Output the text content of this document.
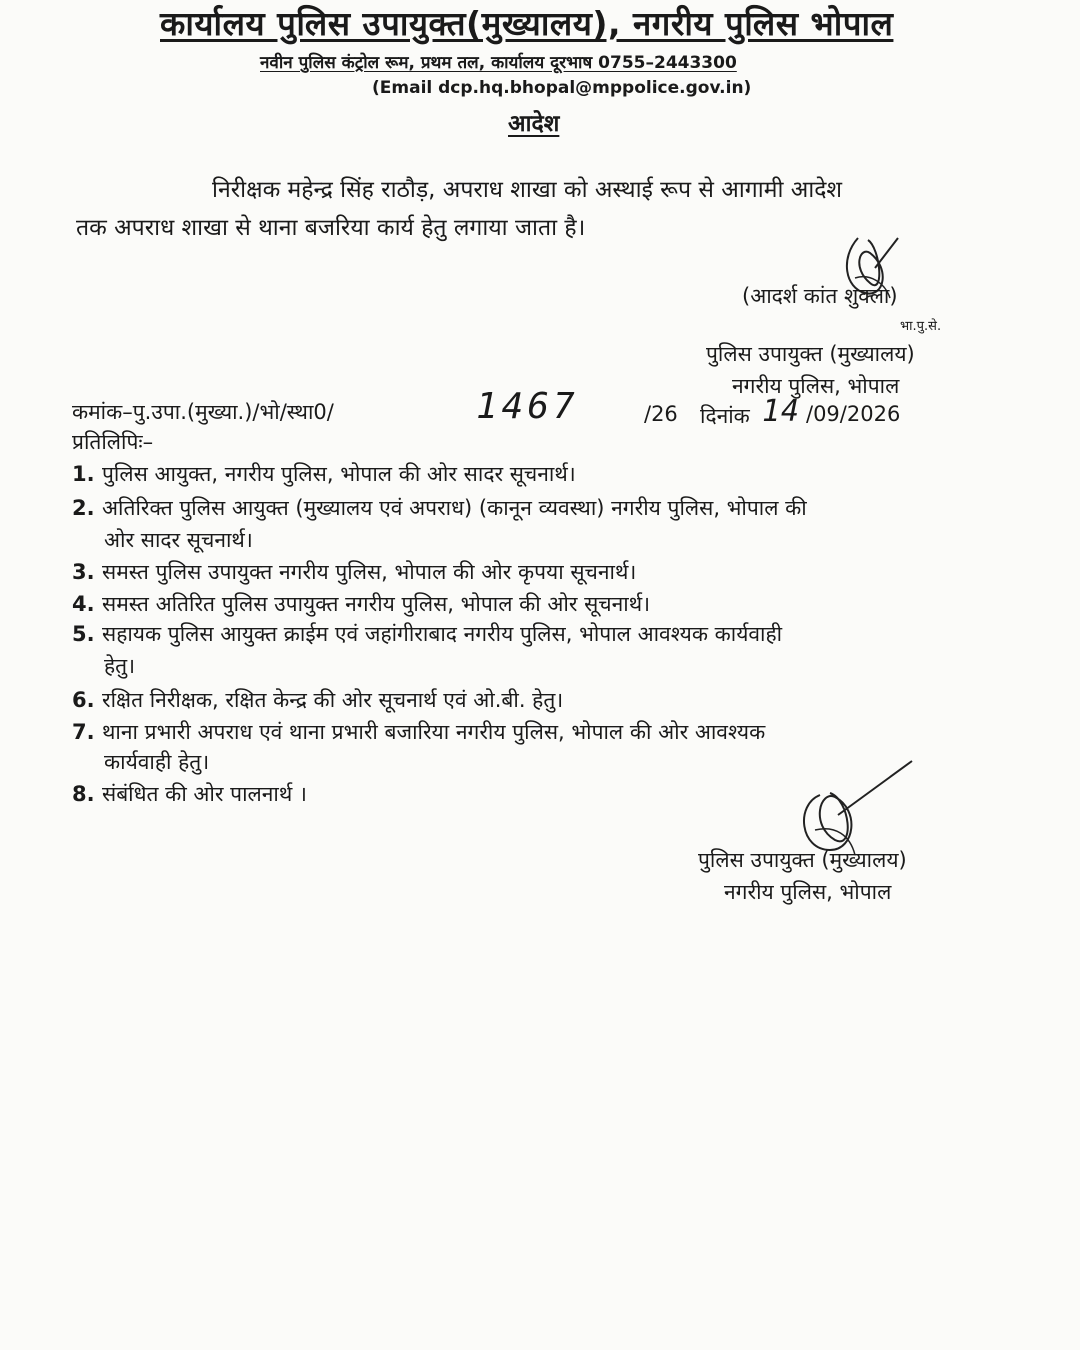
कार्यालय पुलिस उपायुक्त(मुख्यालय), नगरीय पुलिस भोपाल
नवीन पुलिस कंट्रोल रूम, प्रथम तल, कार्यालय दूरभाष 0755–2443300
(Email dcp.hq.bhopal@mppolice.gov.in)
आदेश
निरीक्षक महेन्द्र सिंह राठौड़, अपराध शाखा को अस्थाई रूप से आगामी आदेश
तक अपराध शाखा से थाना बजरिया कार्य हेतु लगाया जाता है।
(आदर्श कांत शुक्ला)
भा.पु.से.
पुलिस उपायुक्त (मुख्यालय)
नगरीय पुलिस, भोपाल
कमांक–पु.उपा.(मुख्या.)/भो/स्था0/	1467	/26 दिनांक 14 /09/2026
प्रतिलिपिः–
1. पुलिस आयुक्त, नगरीय पुलिस, भोपाल की ओर सादर सूचनार्थ।
2. अतिरिक्त पुलिस आयुक्त (मुख्यालय एवं अपराध) (कानून व्यवस्था) नगरीय पुलिस, भोपाल की
ओर सादर सूचनार्थ।
3. समस्त पुलिस उपायुक्त नगरीय पुलिस, भोपाल की ओर कृपया सूचनार्थ।
4. समस्त अतिरित पुलिस उपायुक्त नगरीय पुलिस, भोपाल की ओर सूचनार्थ।
5. सहायक पुलिस आयुक्त क्राईम एवं जहांगीराबाद नगरीय पुलिस, भोपाल आवश्यक कार्यवाही
हेतु।
6. रक्षित निरीक्षक, रक्षित केन्द्र की ओर सूचनार्थ एवं ओ.बी. हेतु।
7. थाना प्रभारी अपराध एवं थाना प्रभारी बजारिया नगरीय पुलिस, भोपाल की ओर आवश्यक
कार्यवाही हेतु।
8. संबंधित की ओर पालनार्थ ।
पुलिस उपायुक्त (मुख्यालय)
नगरीय पुलिस, भोपाल
